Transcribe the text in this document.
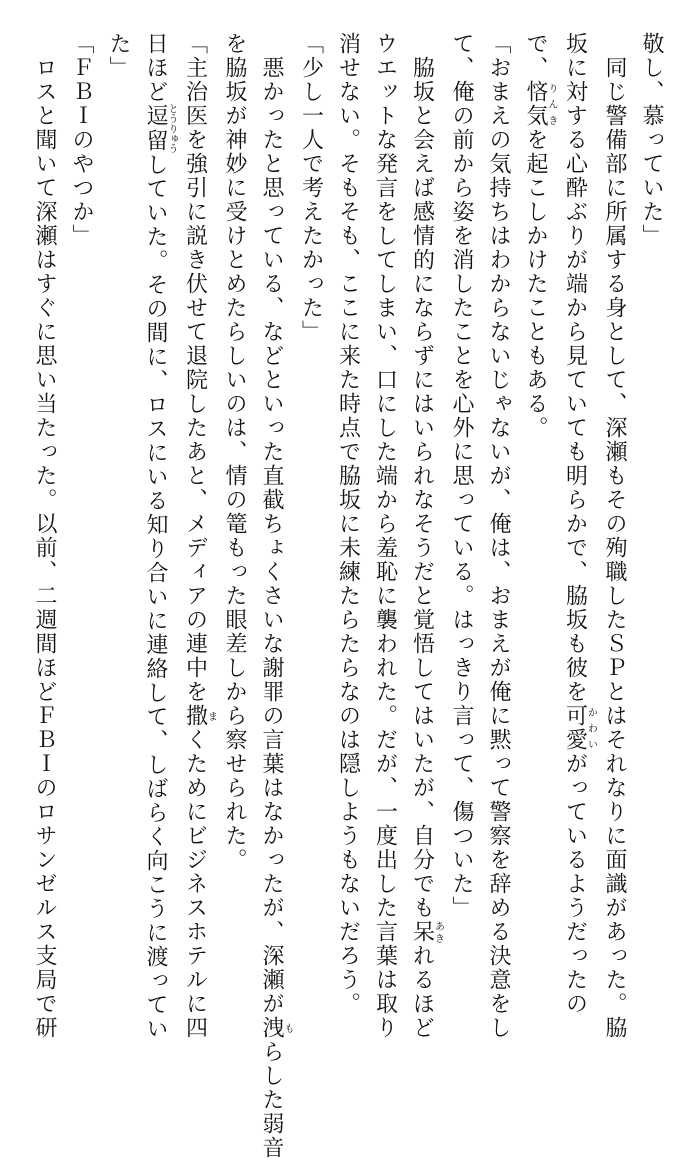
敬し、慕っていた」
　同じ警備部に所属する身として、深瀬もその殉職したＳＰとはそれなりに面識があった。脇
坂に対する心酔ぶりが端から見ていても明らかで、脇坂も彼を可愛かわいがっているようだったの
で、悋気りんきを起こしかけたこともある。
「おまえの気持ちはわからないじゃないが、俺は、おまえが俺に黙って警察を辞める決意をし
て、俺の前から姿を消したことを心外に思っている。はっきり言って、傷ついた」
　脇坂と会えば感情的にならずにはいられなそうだと覚悟してはいたが、自分でも呆あきれるほど
ウエットな発言をしてしまい、口にした端から羞恥に襲われた。だが、一度出した言葉は取り
消せない。そもそも、ここに来た時点で脇坂に未練たらたらなのは隠しようもないだろう。
「少し一人で考えたかった」
　悪かったと思っている、などといった直截ちょくさいな謝罪の言葉はなかったが、深瀬が洩もらした弱音
を脇坂が神妙に受けとめたらしいのは、情の篭もった眼差しから察せられた。
「主治医を強引に説き伏せて退院したあと、メディアの連中を撒まくためにビジネスホテルに四
日ほど逗留とうりゅうしていた。その間に、ロスにいる知り合いに連絡して、しばらく向こうに渡ってい
た」
「ＦＢＩのやつか」
　ロスと聞いて深瀬はすぐに思い当たった。以前、二週間ほどＦＢＩのロサンゼルス支局で研
